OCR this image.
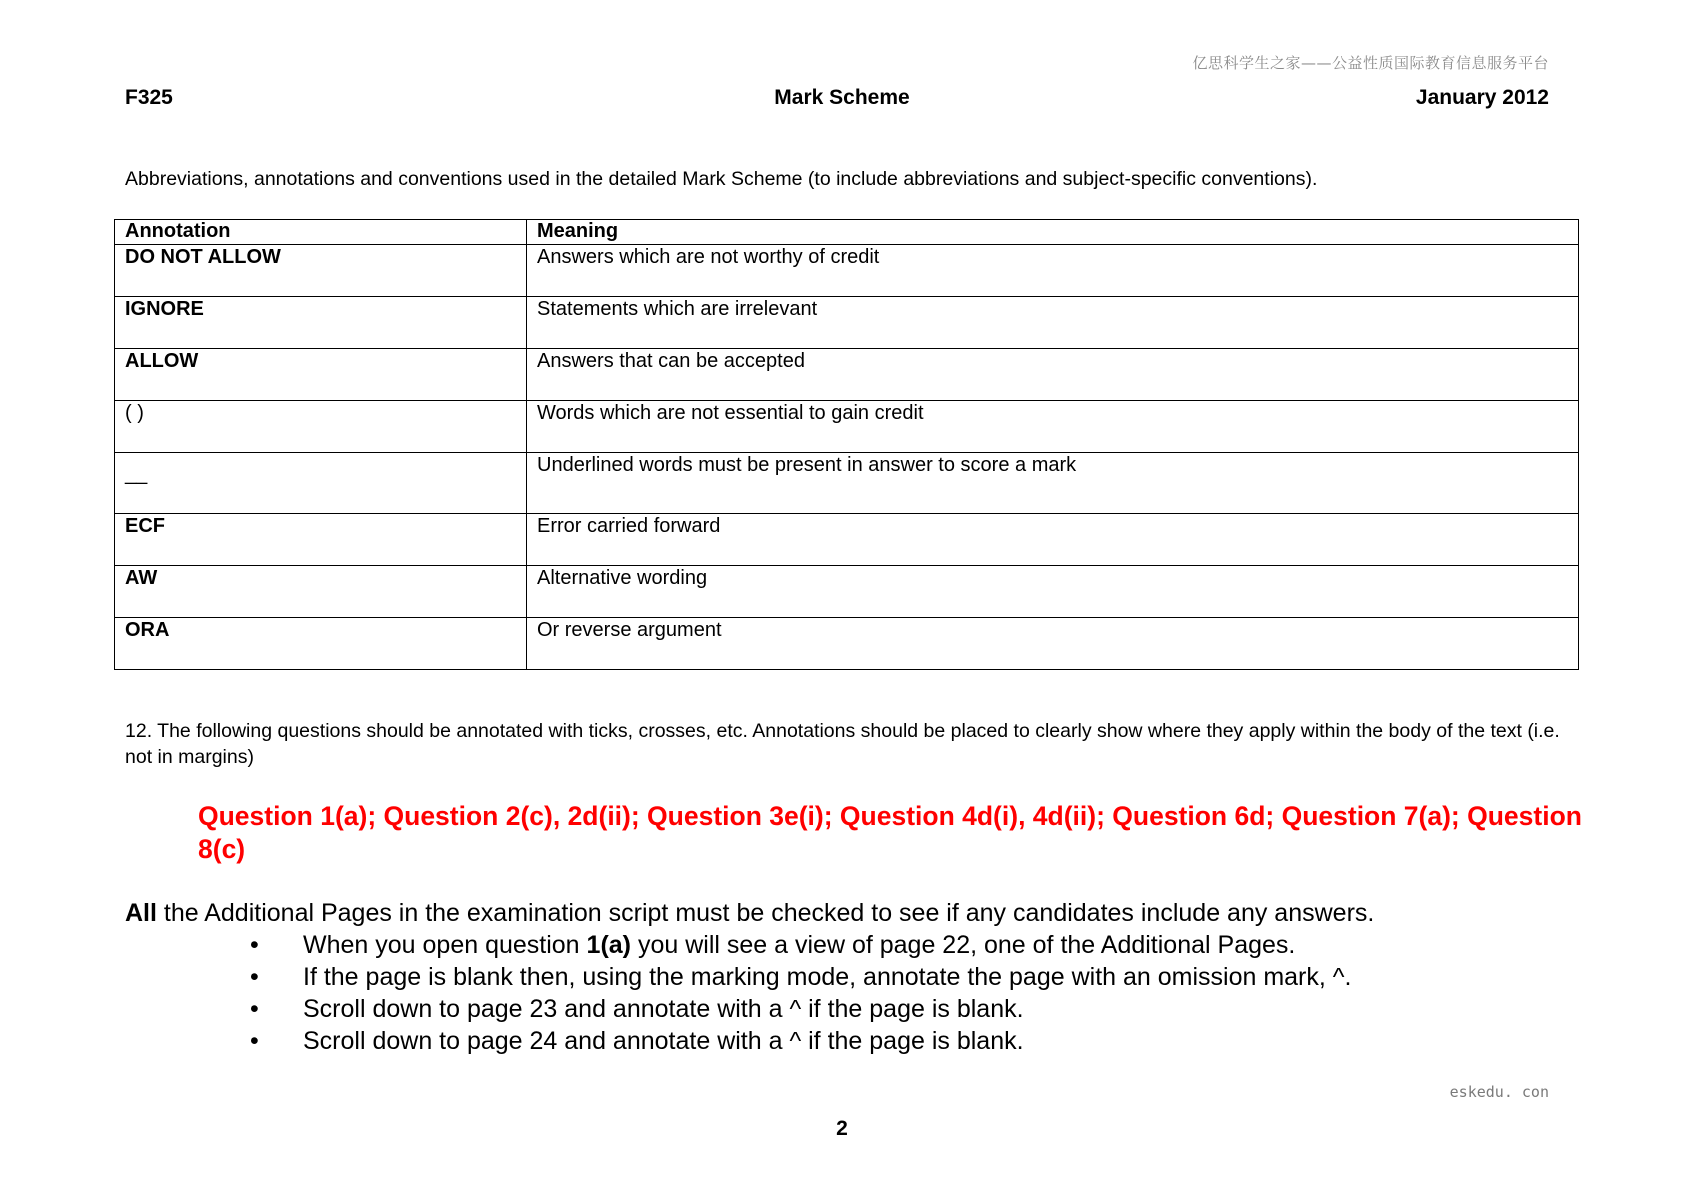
亿思科学生之家——公益性质国际教育信息服务平台
F325	Mark Scheme	January 2012
Abbreviations, annotations and conventions used in the detailed Mark Scheme (to include abbreviations and subject-specific conventions).
Annotation	Meaning
DO NOT ALLOW	Answers which are not worthy of credit
IGNORE	Statements which are irrelevant
ALLOW	Answers that can be accepted
( )	Words which are not essential to gain credit
__	Underlined words must be present in answer to score a mark
ECF	Error carried forward
AW	Alternative wording
ORA	Or reverse argument
12. The following questions should be annotated with ticks, crosses, etc. Annotations should be placed to clearly show where they apply within the body of the text (i.e. not in margins)
Question 1(a); Question 2(c), 2d(ii); Question 3e(i); Question 4d(i), 4d(ii); Question 6d; Question 7(a); Question 8(c)
All the Additional Pages in the examination script must be checked to see if any candidates include any answers.
• When you open question 1(a) you will see a view of page 22, one of the Additional Pages.
• If the page is blank then, using the marking mode, annotate the page with an omission mark, ^.
• Scroll down to page 23 and annotate with a ^ if the page is blank.
• Scroll down to page 24 and annotate with a ^ if the page is blank.
eskedu. con
2
